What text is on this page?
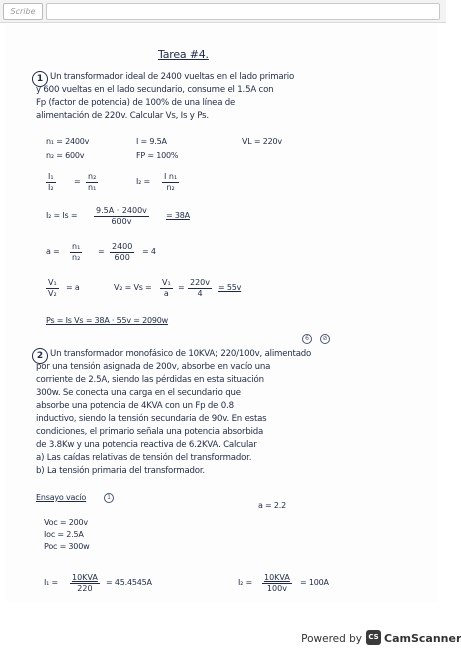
Scribe
Tarea #4.
1 Un transformador ideal de 2400 vueltas en el lado primario
y 600 vueltas en el lado secundario, consume el 1.5A con
Fp (factor de potencia) de 100% de una línea de
alimentación de 220v. Calcular Vs, Is y Ps.
n₁ = 2400v	I = 9.5A	VL = 220v
n₂ = 600v	FP = 100%
$\frac{\text{I₁}}{\text{I₂}} = \frac{\text{n₂}}{\text{n₁}}$	$I_2 = \frac{\text{I n₁}}{\text{n₂}}$
$I_2 = Is = \frac{9.5A \cdot 2400v}{600v} = 38A$
$a = \frac{\text{n₁}}{\text{n₂}} = \frac{2400}{600} = 4$
$\frac{\text{V₁}}{\text{V₂}} = a$	$V_2 = Vs = \frac{\text{V₁}}{a} = \frac{220v}{4} = 55v$
Ps = Is Vs = 38A · 55v = 2090w
6	⊘
2 Un transformador monofásico de 10KVA; 220/100v, alimentado
por una tensión asignada de 200v, absorbe en vacío una
corriente de 2.5A, siendo las pérdidas en esta situación
300w. Se conecta una carga en el secundario que
absorbe una potencia de 4KVA con un Fp de 0.8
inductivo, siendo la tensión secundaria de 90v. En estas
condiciones, el primario señala una potencia absorbida
de 3.8Kw y una potencia reactiva de 6.2KVA. Calcular
a) Las caídas relativas de tensión del transformador.
b) La tensión primaria del transformador.
Ensayo vacío	1
a = 2.2
Voc = 200v
Ioc = 2.5A
Poc = 300w
I₁ =
10KVA
220
= 45.4545A	I₂ =
10KVA
100v
= 100A
Powered by CS CamScanner
